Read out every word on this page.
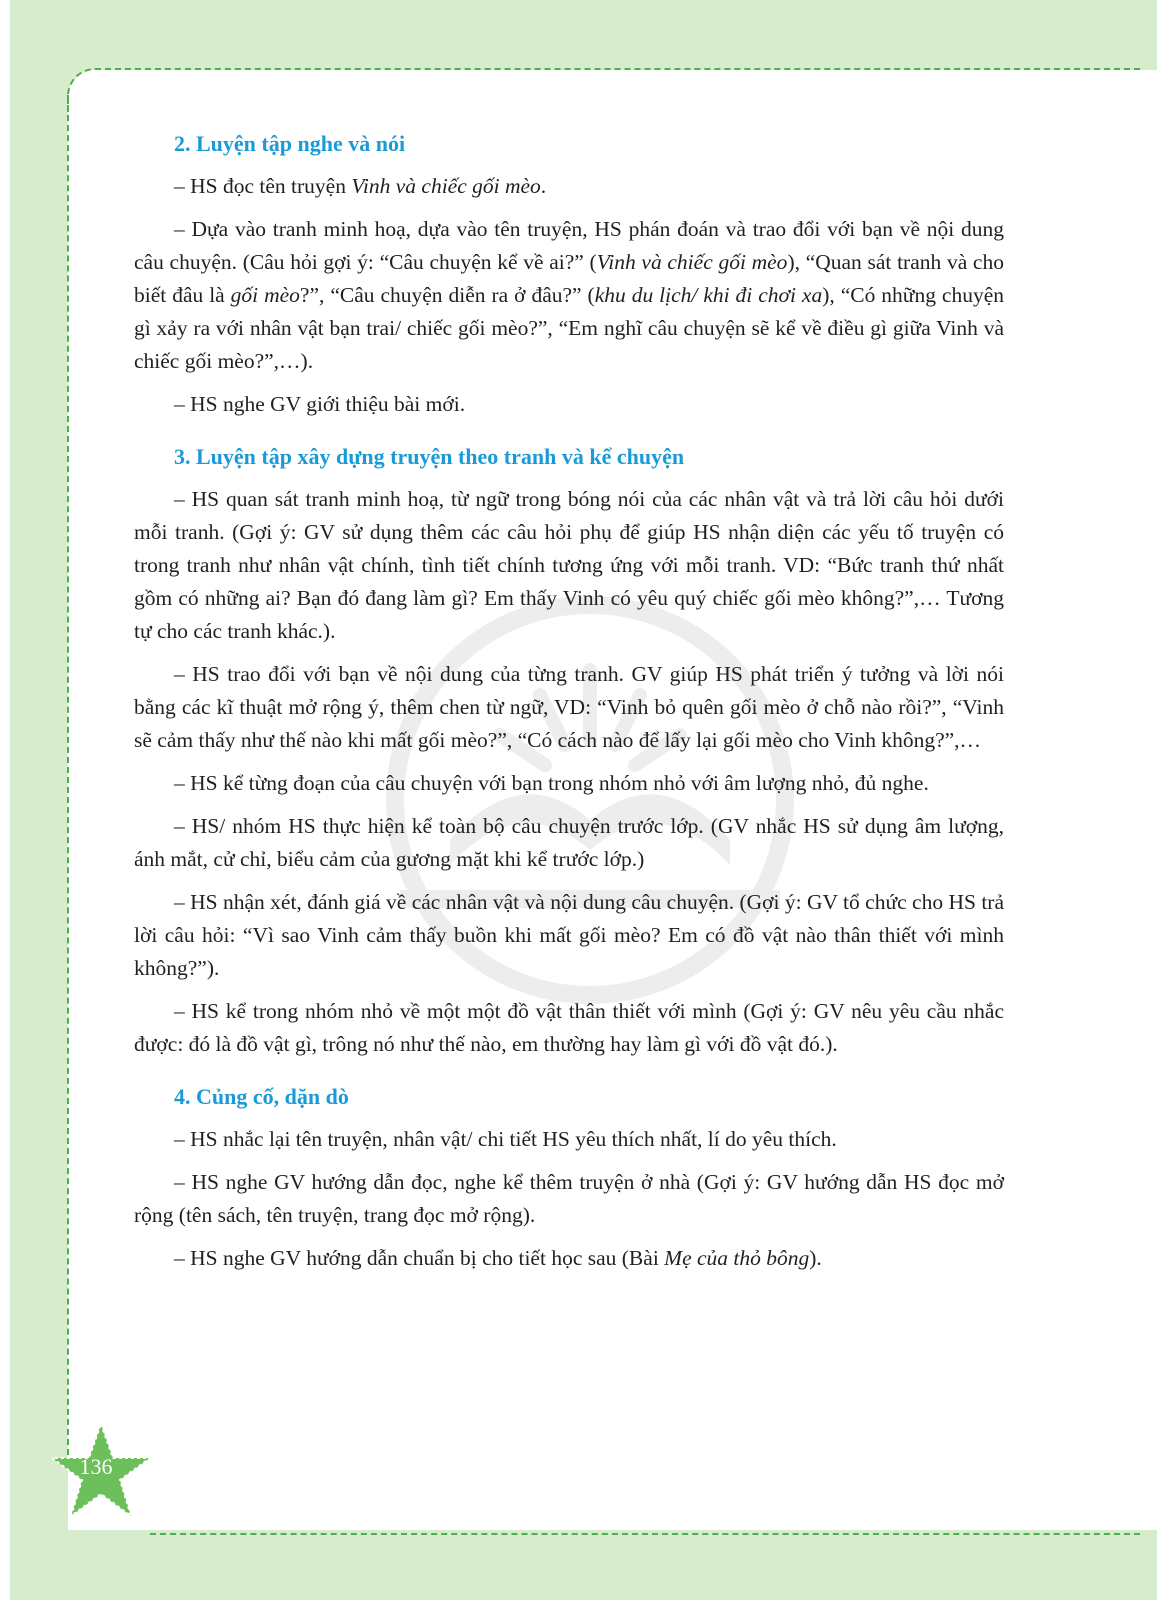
2. Luyện tập nghe và nói
– HS đọc tên truyện Vinh và chiếc gối mèo.
– Dựa vào tranh minh hoạ, dựa vào tên truyện, HS phán đoán và trao đổi với bạn về nội dung câu chuyện. (Câu hỏi gợi ý: “Câu chuyện kể về ai?” (Vinh và chiếc gối mèo), “Quan sát tranh và cho biết đâu là gối mèo?”, “Câu chuyện diễn ra ở đâu?” (khu du lịch/ khi đi chơi xa), “Có những chuyện gì xảy ra với nhân vật bạn trai/ chiếc gối mèo?”, “Em nghĩ câu chuyện sẽ kể về điều gì giữa Vinh và chiếc gối mèo?”,…).
– HS nghe GV giới thiệu bài mới.
3. Luyện tập xây dựng truyện theo tranh và kể chuyện
– HS quan sát tranh minh hoạ, từ ngữ trong bóng nói của các nhân vật và trả lời câu hỏi dưới mỗi tranh. (Gợi ý: GV sử dụng thêm các câu hỏi phụ để giúp HS nhận diện các yếu tố truyện có trong tranh như nhân vật chính, tình tiết chính tương ứng với mỗi tranh. VD: “Bức tranh thứ nhất gồm có những ai? Bạn đó đang làm gì? Em thấy Vinh có yêu quý chiếc gối mèo không?”,… Tương tự cho các tranh khác.).
– HS trao đổi với bạn về nội dung của từng tranh. GV giúp HS phát triển ý tưởng và lời nói bằng các kĩ thuật mở rộng ý, thêm chen từ ngữ, VD: “Vinh bỏ quên gối mèo ở chỗ nào rồi?”, “Vinh sẽ cảm thấy như thế nào khi mất gối mèo?”, “Có cách nào để lấy lại gối mèo cho Vinh không?”,…
– HS kể từng đoạn của câu chuyện với bạn trong nhóm nhỏ với âm lượng nhỏ, đủ nghe.
– HS/ nhóm HS thực hiện kể toàn bộ câu chuyện trước lớp. (GV nhắc HS sử dụng âm lượng, ánh mắt, cử chỉ, biểu cảm của gương mặt khi kể trước lớp.)
– HS nhận xét, đánh giá về các nhân vật và nội dung câu chuyện. (Gợi ý: GV tổ chức cho HS trả lời câu hỏi: “Vì sao Vinh cảm thấy buồn khi mất gối mèo? Em có đồ vật nào thân thiết với mình không?”).
– HS kể trong nhóm nhỏ về một một đồ vật thân thiết với mình (Gợi ý: GV nêu yêu cầu nhắc được: đó là đồ vật gì, trông nó như thế nào, em thường hay làm gì với đồ vật đó.).
4. Củng cố, dặn dò
– HS nhắc lại tên truyện, nhân vật/ chi tiết HS yêu thích nhất, lí do yêu thích.
– HS nghe GV hướng dẫn đọc, nghe kể thêm truyện ở nhà (Gợi ý: GV hướng dẫn HS đọc mở rộng (tên sách, tên truyện, trang đọc mở rộng).
– HS nghe GV hướng dẫn chuẩn bị cho tiết học sau (Bài Mẹ của thỏ bông).
136
